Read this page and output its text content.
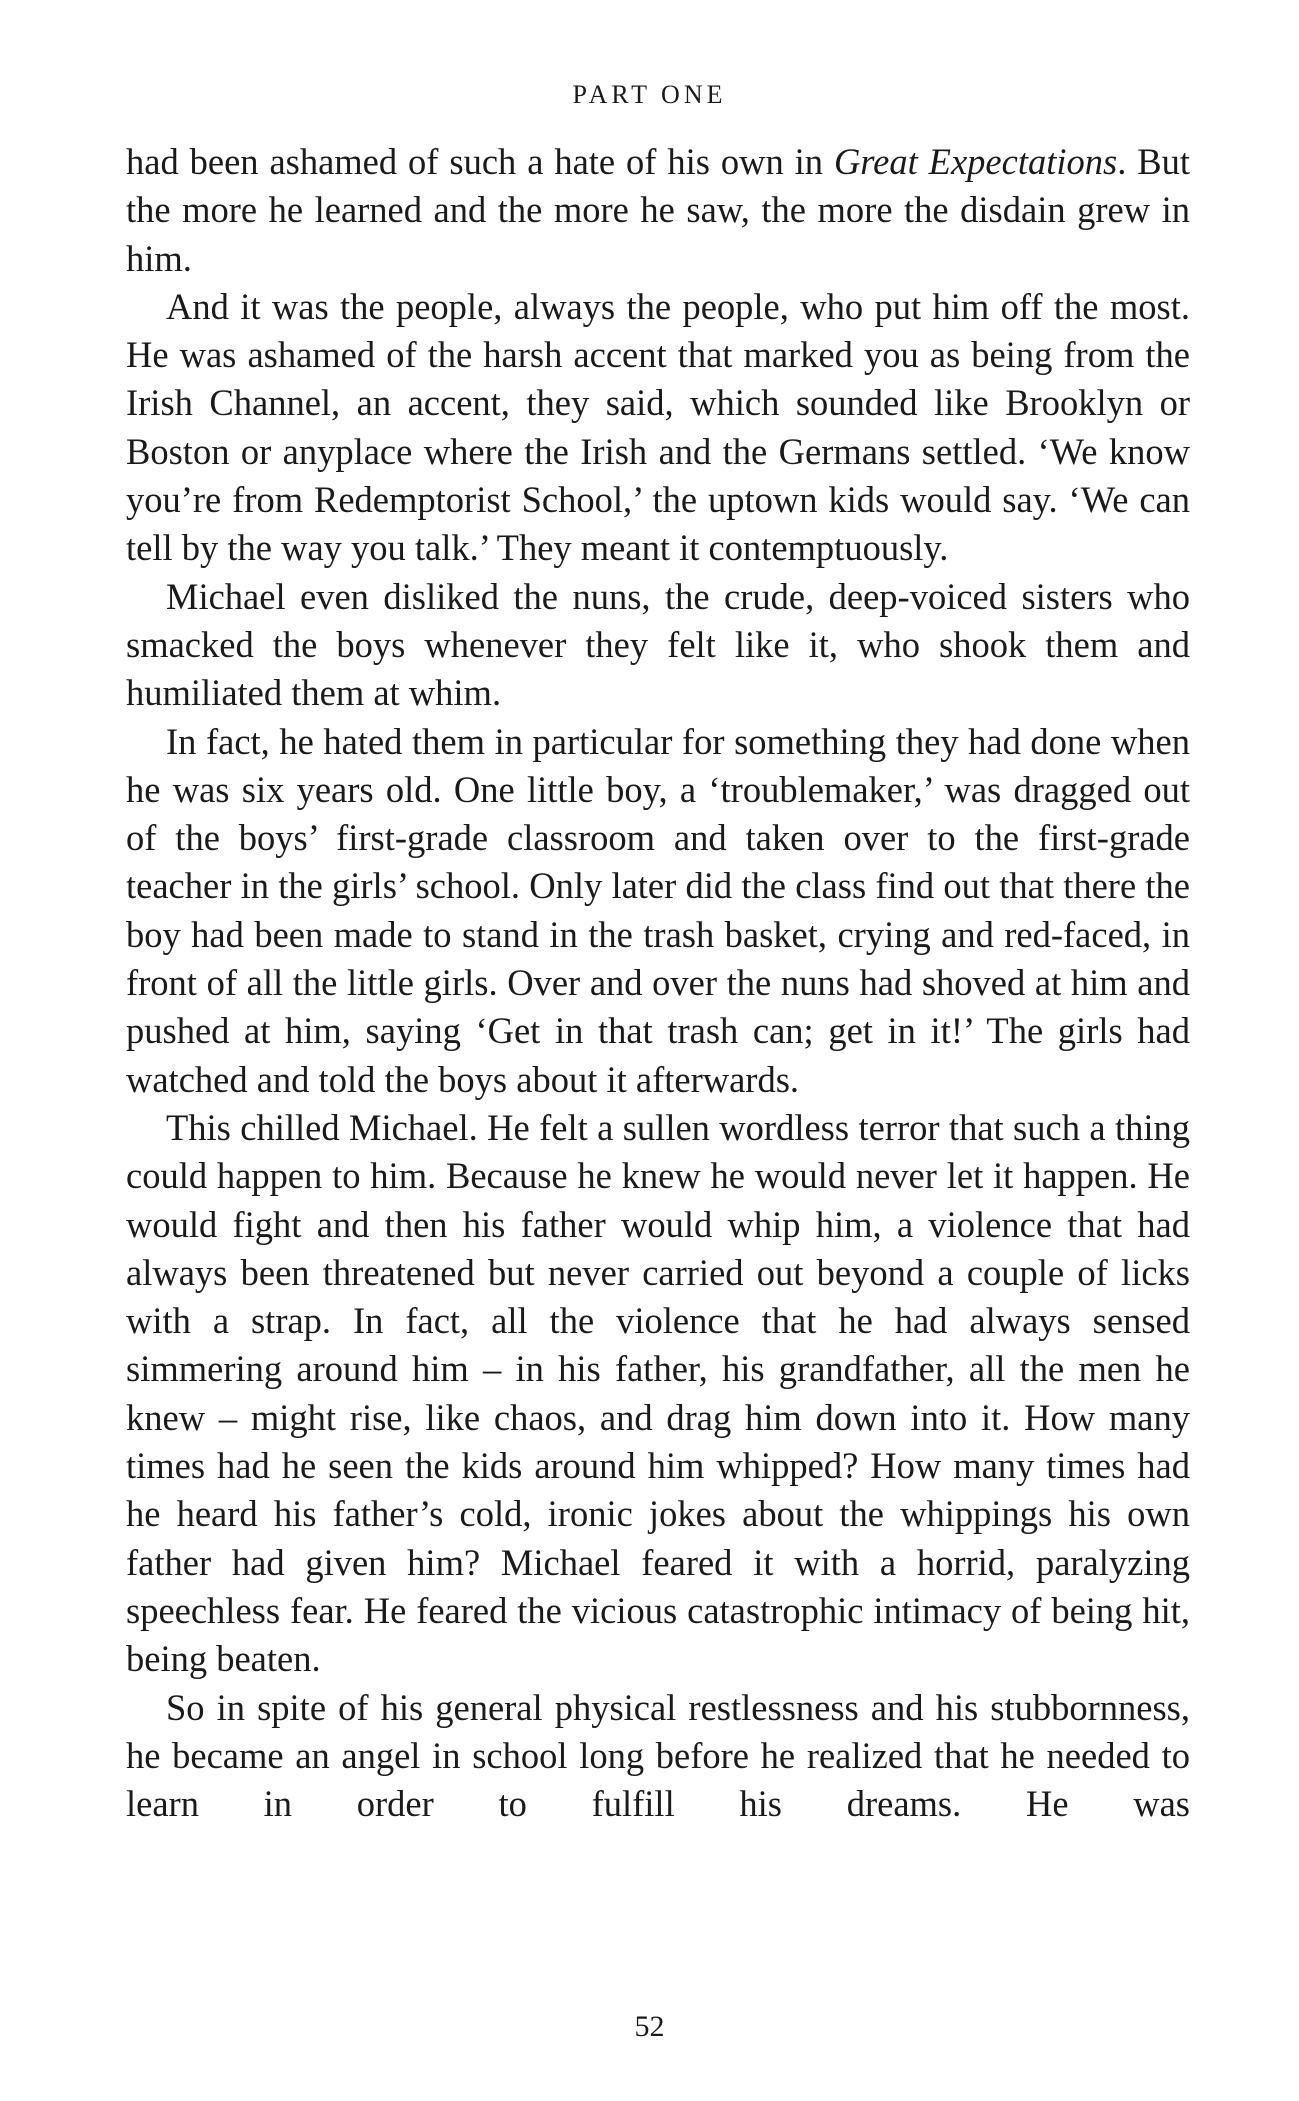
PART ONE

had been ashamed of such a hate of his own in Great Expectations. But the more he learned and the more he saw, the more the disdain grew in him.

And it was the people, always the people, who put him off the most. He was ashamed of the harsh accent that marked you as being from the Irish Channel, an accent, they said, which sounded like Brooklyn or Boston or anyplace where the Irish and the Germans settled. ‘We know you’re from Redemptorist School,’ the uptown kids would say. ‘We can tell by the way you talk.’ They meant it contemptuously.

Michael even disliked the nuns, the crude, deep-voiced sisters who smacked the boys whenever they felt like it, who shook them and humiliated them at whim.

In fact, he hated them in particular for something they had done when he was six years old. One little boy, a ‘troublemaker,’ was dragged out of the boys’ first-grade classroom and taken over to the first-grade teacher in the girls’ school. Only later did the class find out that there the boy had been made to stand in the trash basket, crying and red-faced, in front of all the little girls. Over and over the nuns had shoved at him and pushed at him, saying ‘Get in that trash can; get in it!’ The girls had watched and told the boys about it afterwards.

This chilled Michael. He felt a sullen wordless terror that such a thing could happen to him. Because he knew he would never let it happen. He would fight and then his father would whip him, a violence that had always been threatened but never carried out beyond a couple of licks with a strap. In fact, all the violence that he had always sensed simmering around him – in his father, his grandfather, all the men he knew – might rise, like chaos, and drag him down into it. How many times had he seen the kids around him whipped? How many times had he heard his father’s cold, ironic jokes about the whippings his own father had given him? Michael feared it with a horrid, paralyzing speechless fear. He feared the vicious catastrophic intimacy of being hit, being beaten.

So in spite of his general physical restlessness and his stubbornness, he became an angel in school long before he realized that he needed to learn in order to fulfill his dreams. He was

52
